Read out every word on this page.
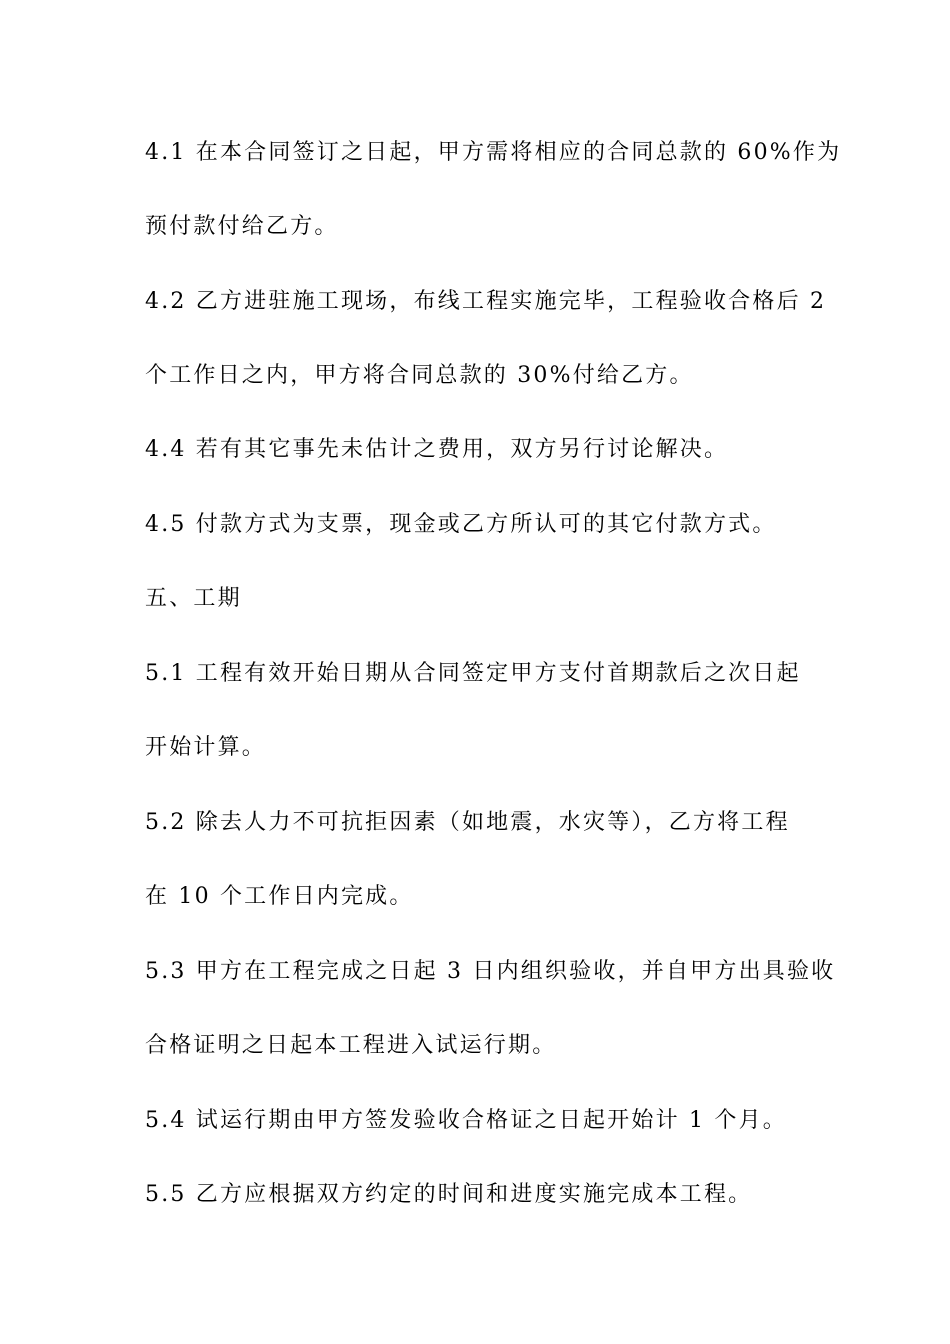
4.1 在本合同签订之日起，甲方需将相应的合同总款的 60%作为
预付款付给乙方。
4.2 乙方进驻施工现场，布线工程实施完毕，工程验收合格后 2
个工作日之内，甲方将合同总款的 30%付给乙方。
4.4 若有其它事先未估计之费用，双方另行讨论解决。
4.5 付款方式为支票，现金或乙方所认可的其它付款方式。
五、工期
5.1 工程有效开始日期从合同签定甲方支付首期款后之次日起
开始计算。
5.2 除去人力不可抗拒因素（如地震，水灾等），乙方将工程
在 10 个工作日内完成。
5.3 甲方在工程完成之日起 3 日内组织验收，并自甲方出具验收
合格证明之日起本工程进入试运行期。
5.4 试运行期由甲方签发验收合格证之日起开始计 1 个月。
5.5 乙方应根据双方约定的时间和进度实施完成本工程。
